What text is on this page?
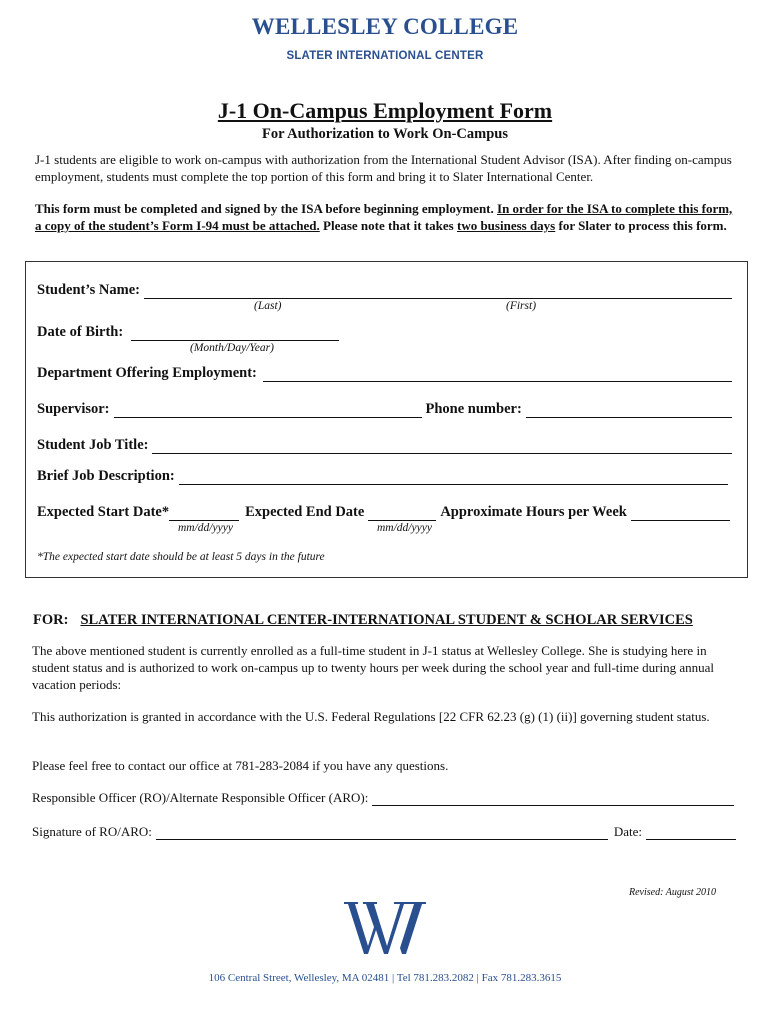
WELLESLEY COLLEGE
SLATER INTERNATIONAL CENTER
J-1 On-Campus Employment Form
For Authorization to Work On-Campus
J-1 students are eligible to work on-campus with authorization from the International Student Advisor (ISA). After finding on-campus employment, students must complete the top portion of this form and bring it to Slater International Center.
This form must be completed and signed by the ISA before beginning employment. In order for the ISA to complete this form, a copy of the student’s Form I-94 must be attached. Please note that it takes two business days for Slater to process this form.
Student’s Name:
(Last)	(First)
Date of Birth:
(Month/Day/Year)
Department Offering Employment:
Supervisor:	Phone number:
Student Job Title:
Brief Job Description:
Expected Start Date*	Expected End Date	Approximate Hours per Week
mm/dd/yyyy	mm/dd/yyyy
*The expected start date should be at least 5 days in the future
FOR: SLATER INTERNATIONAL CENTER-INTERNATIONAL STUDENT & SCHOLAR SERVICES
The above mentioned student is currently enrolled as a full-time student in J-1 status at Wellesley College. She is studying here in student status and is authorized to work on-campus up to twenty hours per week during the school year and full-time during annual vacation periods:
This authorization is granted in accordance with the U.S. Federal Regulations [22 CFR 62.23 (g) (1) (ii)] governing student status.
Please feel free to contact our office at 781-283-2084 if you have any questions.
Responsible Officer (RO)/Alternate Responsible Officer (ARO):
Signature of RO/ARO:	Date:
Revised: August 2010
106 Central Street, Wellesley, MA 02481 | Tel 781.283.2082 | Fax 781.283.3615
